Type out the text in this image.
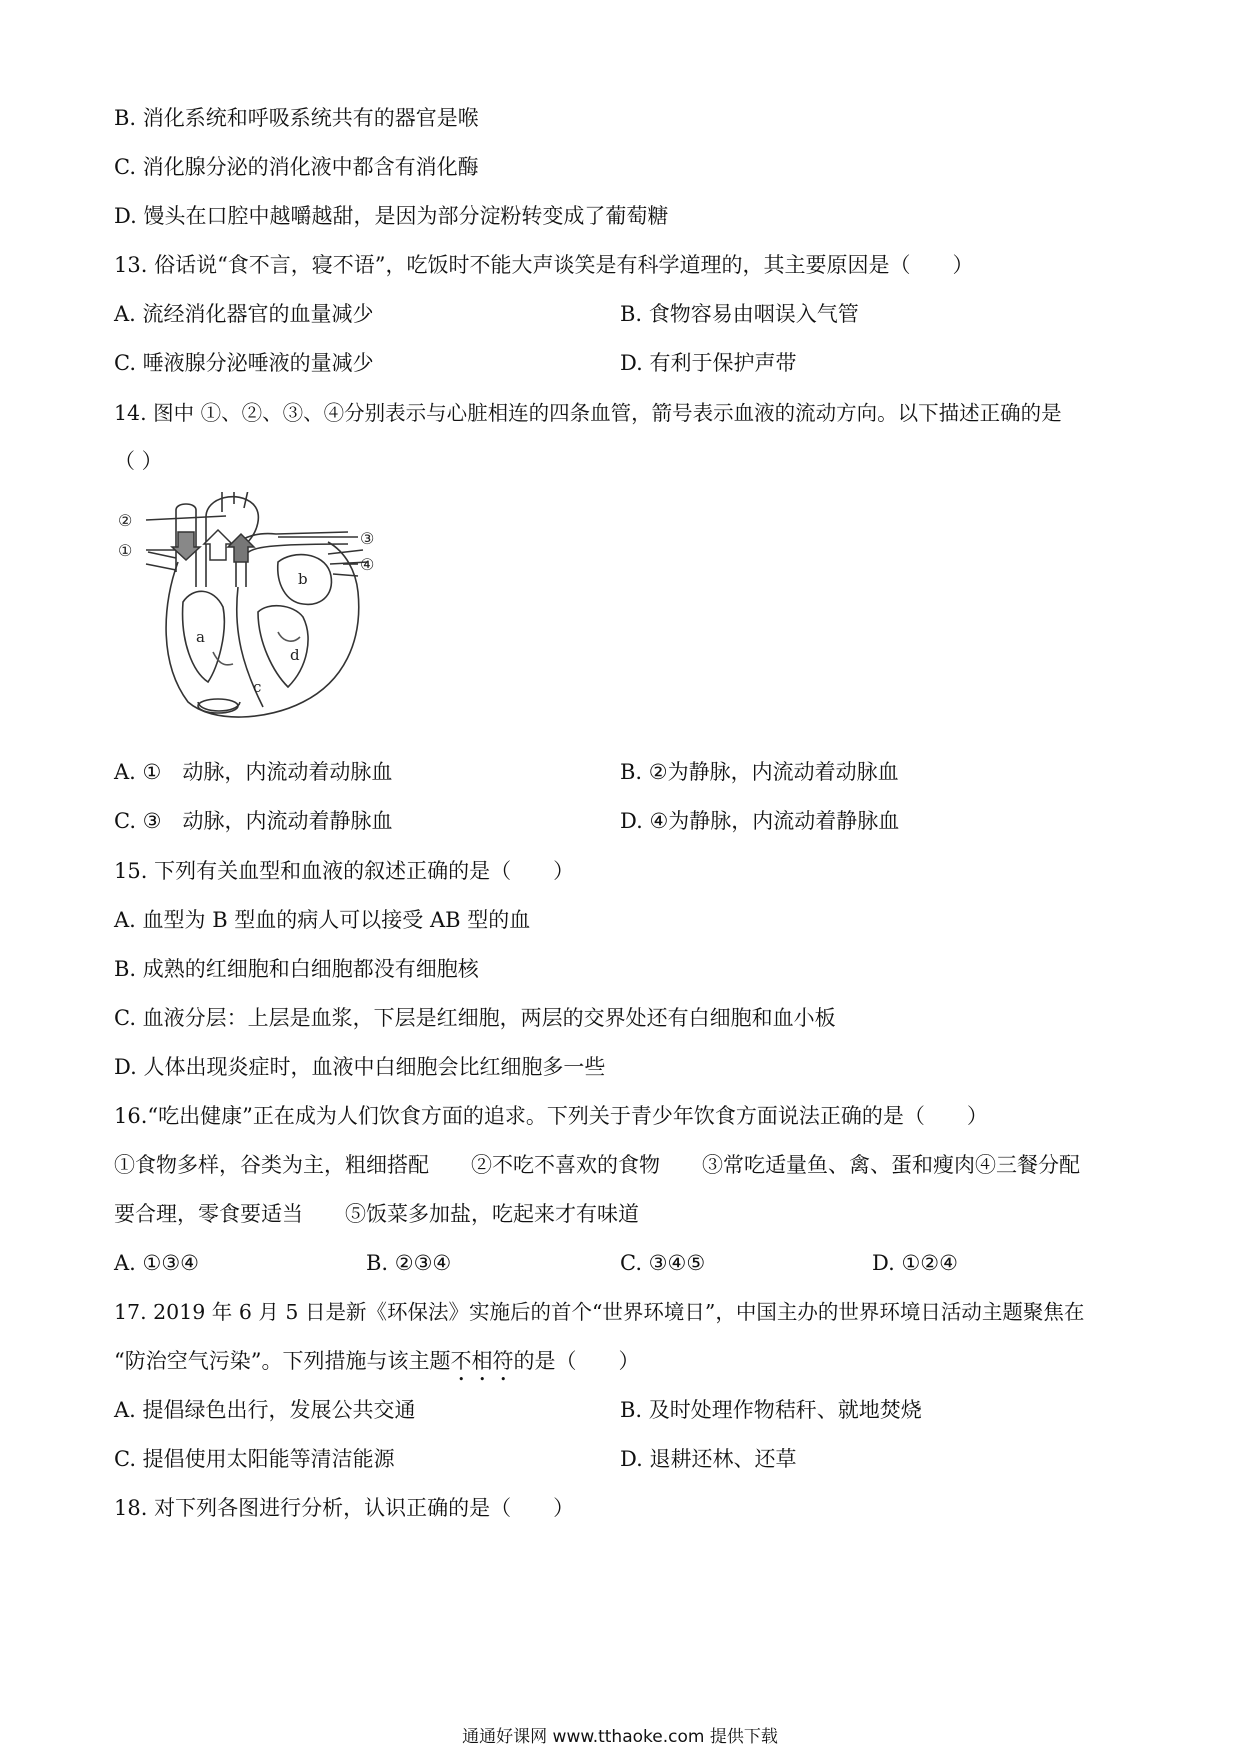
B. 消化系统和呼吸系统共有的器官是喉
C. 消化腺分泌的消化液中都含有消化酶
D. 馒头在口腔中越嚼越甜，是因为部分淀粉转变成了葡萄糖
13. 俗话说“食不言，寝不语”，吃饭时不能大声谈笑是有科学道理的，其主要原因是（　　）
A. 流经消化器官的血量减少	B. 食物容易由咽误入气管
C. 唾液腺分泌唾液的量减少	D. 有利于保护声带
14. 图中 ①、②、③、④分别表示与心脏相连的四条血管，箭号表示血液的流动方向。以下描述正确的是
（ ）
②
①
③
④
a
b
c
d
A. ①　动脉，内流动着动脉血	B. ②为静脉，内流动着动脉血
C. ③　动脉，内流动着静脉血	D. ④为静脉，内流动着静脉血
15. 下列有关血型和血液的叙述正确的是（　　）
A. 血型为 B 型血的病人可以接受 AB 型的血
B. 成熟的红细胞和白细胞都没有细胞核
C. 血液分层：上层是血浆，下层是红细胞，两层的交界处还有白细胞和血小板
D. 人体出现炎症时，血液中白细胞会比红细胞多一些
16.“吃出健康”正在成为人们饮食方面的追求。下列关于青少年饮食方面说法正确的是（　　）
①食物多样，谷类为主，粗细搭配　　②不吃不喜欢的食物　　③常吃适量鱼、禽、蛋和瘦肉④三餐分配
要合理，零食要适当　　⑤饭菜多加盐，吃起来才有味道
A. ①③④	B. ②③④	C. ③④⑤	D. ①②④
17. 2019 年 6 月 5 日是新《环保法》实施后的首个“世界环境日”，中国主办的世界环境日活动主题聚焦在
“防治空气污染”。下列措施与该主题不相符的是（　　）
A. 提倡绿色出行，发展公共交通	B. 及时处理作物秸秆、就地焚烧
C. 提倡使用太阳能等清洁能源	D. 退耕还林、还草
18. 对下列各图进行分析，认识正确的是（　　）
通通好课网 www.tthaoke.com 提供下载
